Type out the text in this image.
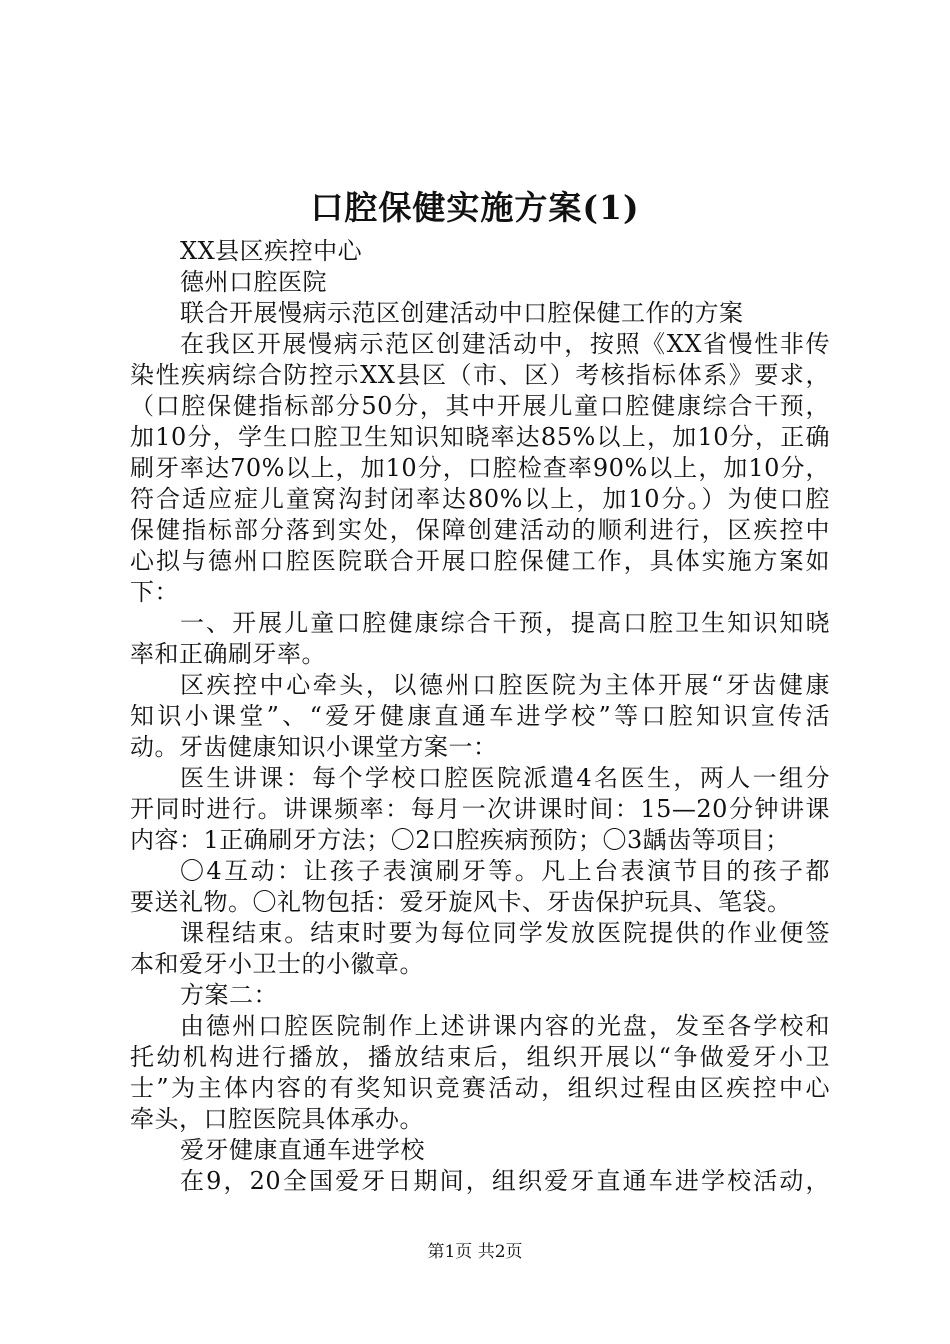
口腔保健实施方案(1)
XX县区疾控中心
德州口腔医院
联合开展慢病示范区创建活动中口腔保健工作的方案
在我区开展慢病示范区创建活动中，按照《XX省慢性非传
染性疾病综合防控示XX县区（市、区）考核指标体系》要求，
（口腔保健指标部分50分，其中开展儿童口腔健康综合干预，
加10分，学生口腔卫生知识知晓率达85%以上，加10分，正确
刷牙率达70%以上，加10分，口腔检查率90%以上，加10分，
符合适应症儿童窝沟封闭率达80%以上，加10分。）为使口腔
保健指标部分落到实处，保障创建活动的顺利进行，区疾控中
心拟与德州口腔医院联合开展口腔保健工作，具体实施方案如
下：
一、开展儿童口腔健康综合干预，提高口腔卫生知识知晓
率和正确刷牙率。
区疾控中心牵头，以德州口腔医院为主体开展“牙齿健康
知识小课堂”、“爱牙健康直通车进学校”等口腔知识宣传活
动。牙齿健康知识小课堂方案一：
医生讲课：每个学校口腔医院派遣4名医生，两人一组分
开同时进行。讲课频率：每月一次讲课时间：15—20分钟讲课
内容：1正确刷牙方法；〇2口腔疾病预防；〇3龋齿等项目；
〇4互动：让孩子表演刷牙等。凡上台表演节目的孩子都
要送礼物。〇礼物包括：爱牙旋风卡、牙齿保护玩具、笔袋。
课程结束。结束时要为每位同学发放医院提供的作业便签
本和爱牙小卫士的小徽章。
方案二：
由德州口腔医院制作上述讲课内容的光盘，发至各学校和
托幼机构进行播放，播放结束后，组织开展以“争做爱牙小卫
士”为主体内容的有奖知识竞赛活动，组织过程由区疾控中心
牵头，口腔医院具体承办。
爱牙健康直通车进学校
在9，20全国爱牙日期间，组织爱牙直通车进学校活动，
第1页 共2页
